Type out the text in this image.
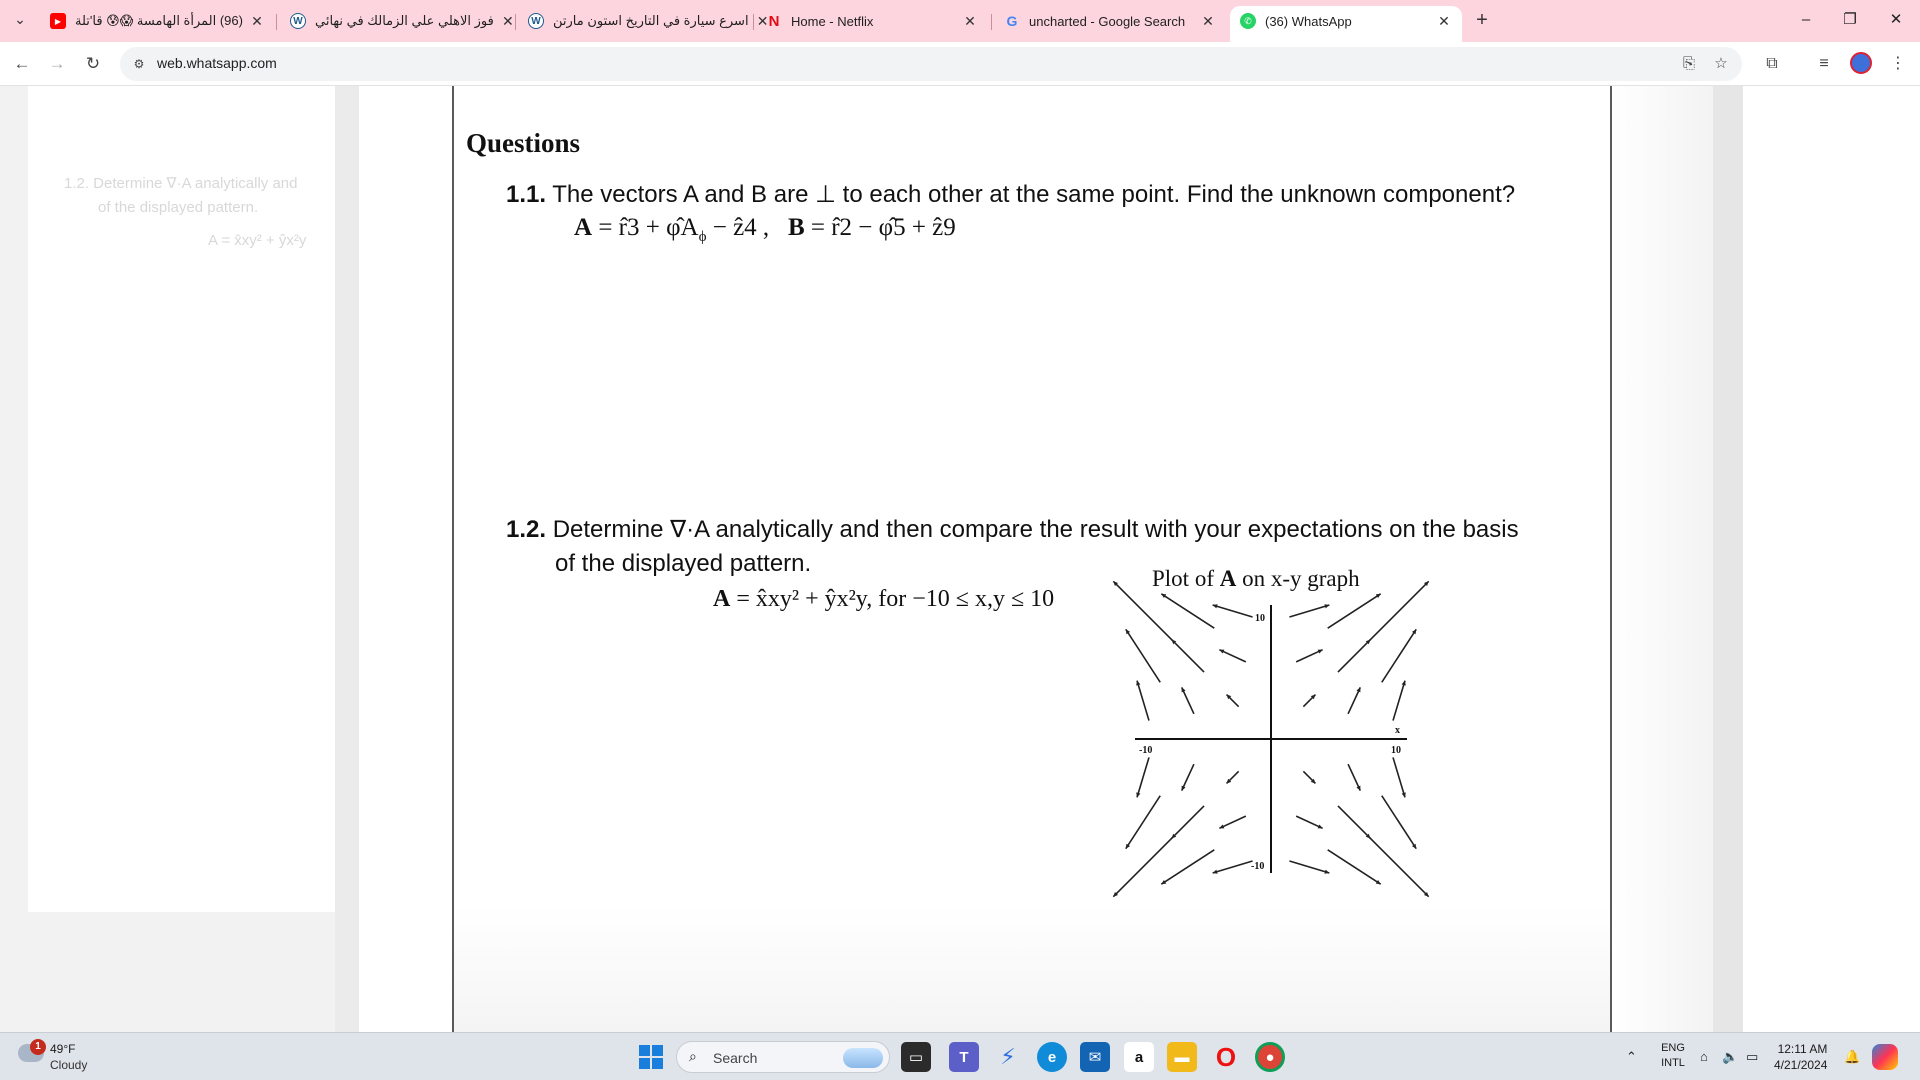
⌄	▶	(96) المرأة الهامسة 😱😰 قا'تلة ✕	W فوز الاهلي علي الزمالك في نهائي ✕	W اسرع سيارة في التاريخ استون مارتن ✕ N Home - Netflix	✕ G uncharted - Google Search	✕	✆	(36) WhatsApp	✕	+	–	❐	✕
← → ↻	⚙ web.whatsapp.com	⎘ ☆	⧉	≡	⋮
1.2. Determine ∇·A analytically and
of the displayed pattern.
A = x̂xy² + ŷx²y
Questions
1.1. The vectors A and B are ⊥ to each other at the same point. Find the unknown component?
A = r̂3 + $\varphîA_\phi$ − ẑ4 , B = r̂2 − φ̂5 + ẑ9
1.2. Determine ∇·A analytically and then compare the result with your expectations on the basis
of the displayed pattern.
A = x̂xy² + ŷx²y, for −10 ≤ x,y ≤ 10
Plot of A on x-y graph
10
-10
-10	10
x
1 49°F
Cloudy
⌕ Search	▭	T	⚡	e	✉	a	▬ O	●	⌃
ENG
INTL	⌂ 🔈 ▭ 12:11 AM
4/21/2024
🔔
